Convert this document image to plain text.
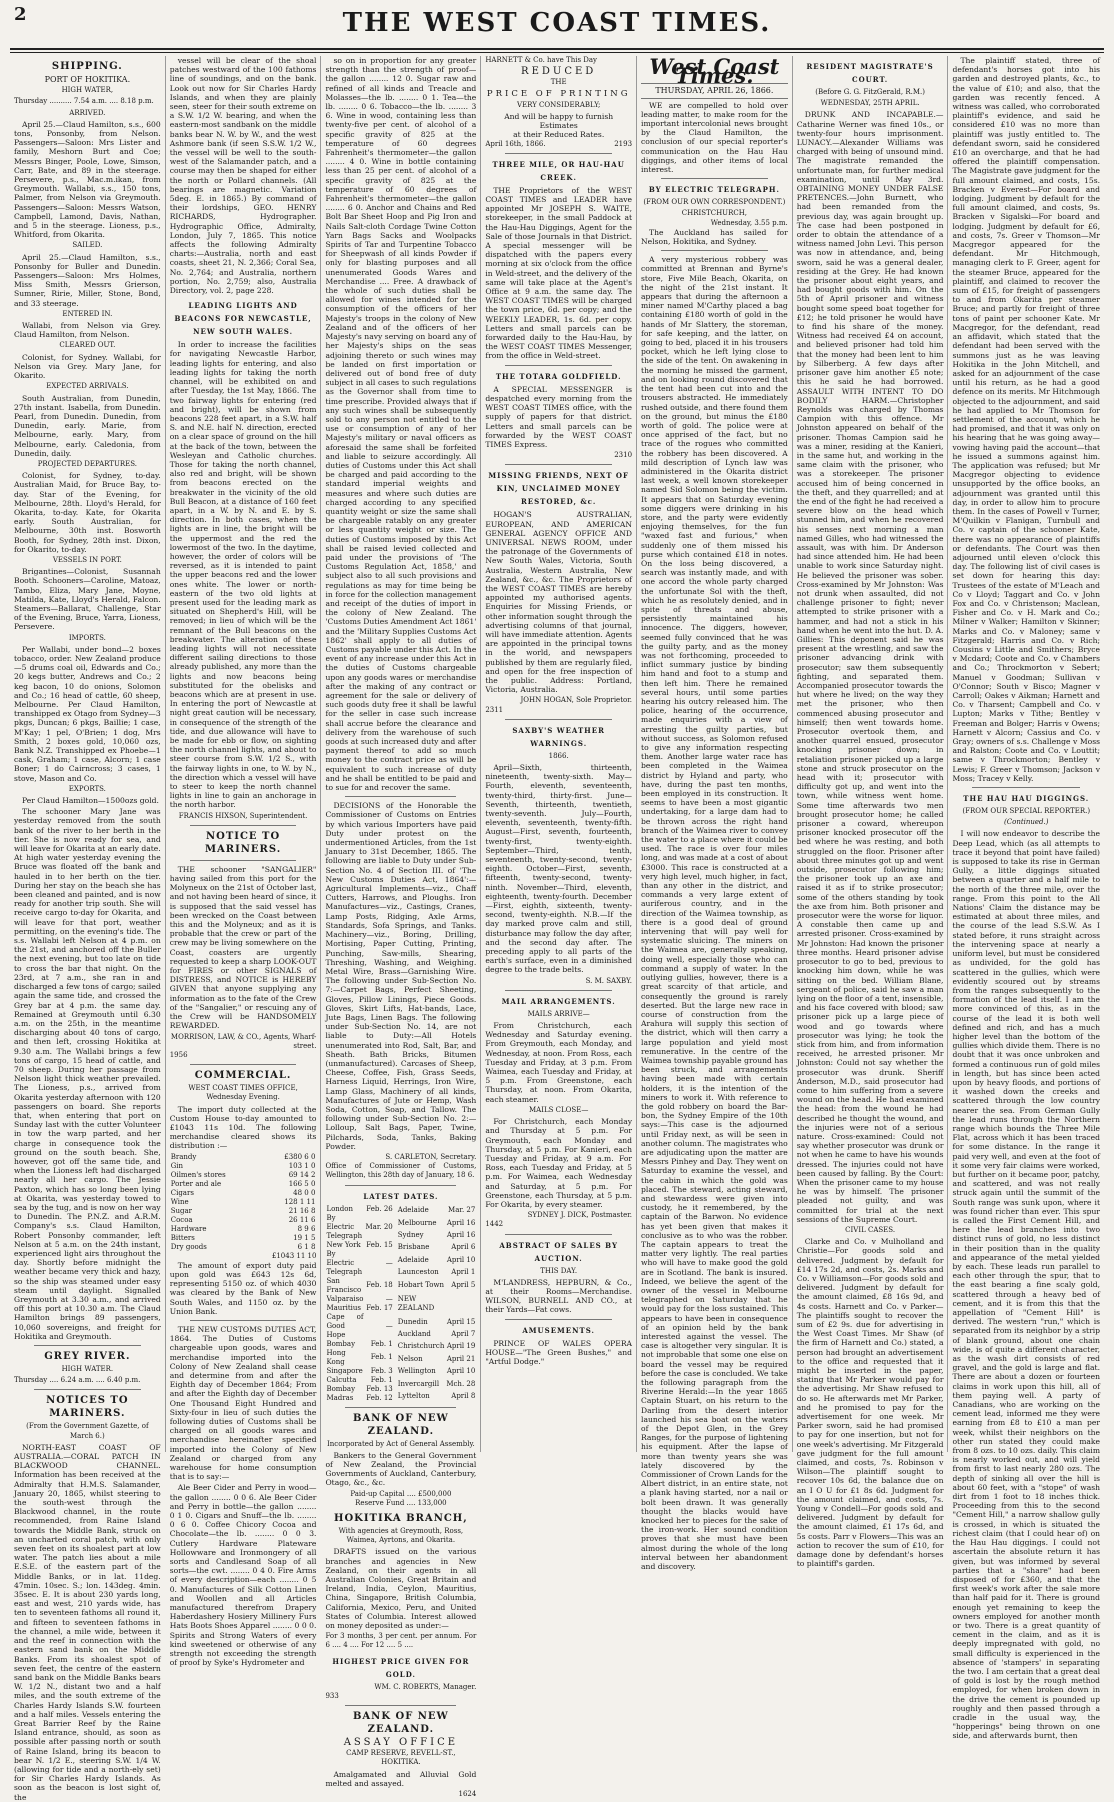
2	THE WEST COAST TIMES.
SHIPPING.
PORT OF HOKITIKA.
HIGH WATER,
Thursday .......... 7.54 a.m. .... 8.18 p.m.
ARRIVED.

April 25.—Claud Hamilton, s.s., 600 tons, Ponsonby, from Nelson. Passengers—Saloon: Mrs Lister and family, Meshorn Burt and Coe; Messrs Binger, Poole, Lowe, Simson, Carr, Bate, and 89 in the steerage. Persevere, p.s., Mac.m.ikan, from Greymouth. Wallabi, s.s., 150 tons, Palmer, from Nelson via Greymouth. Passengers—Saloon: Messrs Watson, Campbell, Lamond, Davis, Nathan, and 5 in the steerage. Lioness, p.s., Whitford, from Okarita.

SAILED.

April 25.—Claud Hamilton, s.s., Ponsonby for Buller and Dunedin. Passengers—Saloon: Mrs Holmes, Miss Smith, Messrs Grierson, Sumner, Ririe, Miller, Stone, Bond, and 33 steerage.

ENTERED IN.

Wallabi, from Nelson via Grey. Claud Hamilton, from Nelson.

CLEARED OUT.

Colonist, for Sydney. Wallabi, for Nelson via Grey. Mary Jane, for Okarito.

EXPECTED ARRIVALS.

South Australian, from Dunedin, 27th instant. Isabella, from Dunedin. Pearl, from Dunedin. Dunedin, from Dunedin, early. Marie, from Melbourne, early. Mary, from Melbourne, early. Caledonia, from Dunedin, daily.

PROJECTED DEPARTURES.

Colonist, for Sydney, to-day. Australian Maid, for Bruce Bay, to-day. Star of the Evening, for Melbourne, 28th. Lloyd's Herald, for Okarita, to-day. Kate, for Okarita early. South Australian, for Melbourne, 30th inst. Bosworth Booth, for Sydney, 28th inst. Dixon, for Okarito, to-day.

VESSELS IN PORT.

Brigantines—Colonist, Susannah Booth. Schooners—Caroline, Matoaz, Tambo, Eliza, Mary Jane, Moyne, Matilda, Kate, Lloyd's Herald, Falcon. Steamers—Ballarat, Challenge, Star of the Evening, Bruce, Yarra, Lioness, Persevere.

IMPORTS.

Per Wallabi, under bond—2 boxes tobacco, order. New Zealand produce—5 drums coal oil, Edwards and Co.; 20 kegs butter, Andrews and Co.; 2 keg bacon, 10 do onions, Solomon and Co.; 16 head of cattle, 60 sheep, Melbourne. Per Claud Hamilton, transhipped ex Otago from Sydney—3 pkgs, Duncan; 6 pkgs, Baillie; 1 case, M'Kay; 1 pel, O'Brien; 1 dog, Mrs Smith, 2 boxes gold, 10,060 ozs, Bank N.Z. Transhipped ex Phoebe—1 cask, Graham; 1 case, Alcorn; 1 case Boner; 1 do Cairncross; 3 cases, 1 stove, Mason and Co.

EXPORTS.

Per Claud Hamilton—1500ozs gold.

The schooner Mary Jane was yesterday removed from the south bank of the river to her berth in the tier. She is now ready for sea, and will leave for Okarita at an early date. At high water yesterday evening the Bruce was floated off the bank and hauled in to her berth on the tier. During her stay on the beach she has been cleaned and painted, and is now ready for another trip south. She will receive cargo to-day for Okarita, and will leave for that port, weather permitting, on the evening's tide. The s.s. Wallabi left Nelson at 4 p.m. on the 21st, and anchored off the Buller the next evening, but too late on tide to cross the bar that night. On the 23rd, at 7 a.m., she ran in and discharged a few tons of cargo; sailed again the same tide, and crossed the Grey bar at 4 p.m. the same day. Remained at Greymouth until 6.30 a.m. on the 25th, in the meantime discharging about 40 tons of cargo, and then left, crossing Hokitika at 9.30 a.m. The Wallabi brings a few tons of cargo, 15 head of cattle, and 70 sheep. During her passage from Nelson light thick weather prevailed. The Lioness, p.s., arrived from Okarita yesterday afternoon with 120 passengers on board. She reports that, when entering that port on Sunday last with the cutter Volunteer in tow the warp parted, and her charge in consequence took the ground on the south beach. She, however, got off the same tide, and when the Lioness left had discharged nearly all her cargo. The Jessie Paxton, which has so long been lying at Okarita, was yesterday towed to sea by the tug, and is now on her way to Dunedin. The P.N.Z. and A.R.M. Company's s.s. Claud Hamilton, Robert Ponsonby commander, left Nelson at 5 a.m. on the 24th instant, experienced light airs throughout the day. Shortly before midnight the weather became very thick and hazy, so the ship was steamed under easy steam until daylight. Signalled Greymouth at 3.30 a.m., and arrived off this port at 10.30 a.m. The Claud Hamilton brings 89 passengers, 10,060 sovereigns, and freight for Hokitika and Greymouth.

GREY RIVER.
HIGH WATER.
Thursday .... 6.24 a.m. .... 6.40 p.m.
NOTICES TO MARINERS.
(From the Government Gazette, of March 6.)

NORTH-EAST COAST OF AUSTRALIA.—CORAL PATCH IN BLACKWOOD CHANNEL. Information has been received at the Admiralty that H.M.S. Salamander, January 20, 1865, whilst steering to the south-west through the Blackwood channel, in the route recommended, from Raine Island towards the Middle Bank, struck on an uncharted coral patch, with only seven feet on its shoalest part at low water. The patch lies about a mile E.S.E. of the eastern part of the Middle Banks, or in lat. 11deg. 47min. 10sec. S.; lon. 143deg. 4min. 35sec. E. It is about 230 yards long, east and west, 210 yards wide, has ten to seventeen fathoms all round it, and fifteen to seventeen fathoms in the channel, a mile wide, between it and the reef in connection with the eastern sand bank on the Middle Banks. From its shoalest spot of seven feet, the centre of the eastern sand bank on the Middle Banks bears W. 1/2 N., distant two and a half miles, and the south extreme of the Charles Hardy Islands S.W. fourteen and a half miles. Vessels entering the Great Barrier Reef by the Raine Island entrance, should, as soon as possible after passing north or south of Raine Island, bring its beacon to bear N. 1/2 E., steering S.W. 1/4 W. (allowing for tide and a north-ely set) for Sir Charles Hardy Islands. As soon as the beacon is lost sight of, the

vessel will be clear of the shoal patches westward of the 100 fathoms line of soundings, and on the bank. Look out now for Sir Charles Hardy Islands, and when they are plainly seen, steer for their south extreme on a S.W. 1/2 W. bearing, and when the eastern-most sandbank on the middle banks bear N. W. by W., and the west Ashmore bank (if seen S.S.W. 1/2 W., the vessel will be well to the south-west of the Salamander patch, and a course may then be shaped for either the north or Pollard channels. (All bearings are magnetic. Variation 5deg. E. in 1865.) By command of their lordships, GEO. HENRY RICHARDS, Hydrographer. Hydrographic Office, Admiralty, London, July 7, 1865. This notice affects the following Admiralty charts:—Australia, north and east coasts, sheet 21, N. 2,366; Coral Sea, No. 2,764; and Australia, northern portion, No. 2,759; also, Australia Directory, vol. 2, page 228.

LEADING LIGHTS AND BEACONS FOR NEWCASTLE, NEW SOUTH WALES.

In order to increase the facilities for navigating Newcastle Harbor, leading lights for entering, and also leading lights for taking the north channel, will be exhibited on and after Tuesday, the 1st May, 1866. The two fairway lights for entering (red and bright), will be shown from beacons 228 feet apart, in a S.W. half S. and N.E. half N. direction, erected on a clear space of ground on the hill at the back of the town, between the Wesleyan and Catholic churches. Those for taking the north channel, also red and bright, will be shown from beacons erected on the breakwater in the vicinity of the old Bull Beacon, at a distance of 160 feet apart, in a W. by N. and E. by S. direction. In both cases, when the lights are in line, the bright will be the uppermost and the red the lowermost of the two. In the daytime, however, the order of colors will be reversed, as it is intended to paint the upper beacons red and the lower ones white. The lower or north-eastern of the two old lights at present used for the leading mark as situated on Shepherd's Hill, will be removed; in lieu of which will be the remnant of the Bull beacons on the breakwater. The alteration of these leading lights will not necessitate different sailing directions to those already published, any more than the lights and now beacons being substituted for the obelisks and beacons which are at present in use. In entering the port of Newcastle at night great caution will be necessary, in consequence of the strength of the tide, and due allowance will have to be made for ebb or flow, on sighting the north channel lights, and about to steer course from S.W. 1/2 S., with the fairway lights in one, to W. by N., the direction which a vessel will have to steer to keep the north channel lights in line to gain an anchorage in the north harbor.

FRANCIS HIXSON, Superintendent.
NOTICE TO MARINERS.

THE schooner "SANGALIER" having sailed from this port for the Molyneux on the 21st of October last, and not having been heard of since, it is supposed that the said vessel has been wrecked on the Coast between this and the Molyneux; and as it is probable that the crew or part of the crew may be living somewhere on the Coast, coasters are urgently requested to keep a sharp LOOK-OUT for FIRES or other SIGNALS of DISTRESS, and NOTICE is HEREBY GIVEN that anyone supplying any information as to the fate of the Crew of the "Sangalier," or rescuing any of the Crew will be HANDSOMELY REWARDED.

MORRISON, LAW, & CO., Agents, Wharf-street.
1956
COMMERCIAL.
WEST COAST TIMES OFFICE, Wednesday Evening.

The import duty collected at the Custom House to-day amounted to £1043 11s 10d. The following merchandise cleared shows its distribution :—

Brandy	£380 6 0
Gin	103 1 0
Oilmen's stores	69 14 2
Porter and ale	166 5 0
Cigars	48 0 0
Wine	128 1 11
Sugar	21 16 8
Cocoa	26 11 6
Hardware	8 9 6
Bitters	19 1 5
Dry goods	6 1 8
£1043 11 10

The amount of export duty paid upon gold was £643 12s 6d, representing 5150 oz. of which 4030 was cleared by the Bank of New South Wales, and 1150 oz. by the Union Bank.

THE NEW CUSTOMS DUTIES ACT, 1864. The Duties of Customs chargeable upon goods, wares and merchandise imported into the Colony of New Zealand shall cease and determine from and after the Eighth day of December 1864; From and after the Eighth day of December One Thousand Eight Hundred and Sixty-four in lieu of such duties the following duties of Customs shall be charged on all goods wares and merchandise hereinafter specified imported into the Colony of New Zealand or charged from any warehouse for home consumption that is to say:—

Ale Beer Cider and Perry in wood—the gallon ........ 0 0 6. Ale Beer Cider and Perry in bottle—the gallon ........ 0 1 0. Cigars and Snuff—the lb. ........ 0 6 0. Coffee Chicory Cocoa and Chocolate—the lb. ........ 0 0 3. Cutlery Hardware Plateware Hollowware and Ironmongery of all sorts and Candlesand Soap of all sorts—the cwt. ........ 0 4 0. Fire Arms of every description—each ........ 0 5 0. Manufactures of Silk Cotton Linen and Woollen and all Articles manufactured therefrom Drapery Haberdashery Hosiery Millinery Furs Hats Boots Shoes Apparel ........ 0 0 0. Spirits and Strong Waters of every kind sweetened or otherwise of any strength not exceeding the strength of proof by Syke's Hydrometer and

so on in proportion for any greater strength than the strength of proof—the gallon ........ 12 0. Sugar raw and refined of all kinds and Treacle and Molasses—the lb. ........ 0 1. Tea—the lb. ........ 0 6. Tobacco—the lb. ........ 3 6. Wine in wood, containing less than twenty-five per cent. of alcohol of a specific gravity of 825 at the temperature of 60 degrees Fahrenheit's thermometer—the gallon ........ 4 0. Wine in bottle containing less than 25 per cent. of alcohol of a specific gravity of 825 at the temperature of 60 degrees of Fahrenheit's thermometer—the gallon ........ 6 0. Anchor and Chains and Red Bolt Bar Sheet Hoop and Pig Iron and Nails Salt-cloth Cordage Twine Cotton Yarn Bags Sacks and Woolpacks Spirits of Tar and Turpentine Tobacco for Sheepwash of all kinds Powder if only for blasting purposes and all unenumerated Goods Wares and Merchandise .... Free. A drawback of the whole of such duties shall be allowed for wines intended for the consumption of the officers of her Majesty's troops in the colony of New Zealand and of the officers of her Majesty's navy serving on board any of her Majesty's ships on the seas adjoining thereto or such wines may be landed on first importation or delivered out of bond free of duty subject in all cases to such regulations as the Governor shall from time to time prescribe. Provided always that if any such wines shall be subsequently sold to any person not entitled to the use or consumption of any of her Majesty's military or naval officers as aforesaid the same shall be forfeited and liable to seizure accordingly. All duties of Customs under this Act shall be charged and paid according to the standard imperial weights and measures and where such duties are charged according to any specified quantity weight or size the same shall be chargeable ratably on any greater or less quantity weight or size. The duties of Customs imposed by this Act shall be raised levied collected and paid under the provisions of 'The Customs Regulation Act, 1858,' and subject also to all such provisions and regulations as may for time being be in force for the collection management and receipt of the duties of import in the colony of New Zealand. The 'Customs Duties Amendment Act 1861' and the 'Military Supplies Customs Act 1862' shall apply to all duties of Customs payable under this Act. In the event of any increase under this Act in the duties of Customs chargeable upon any goods wares or merchandise after the making of any contract or agreement for the sale or delivery of such goods duty free it shall be lawful for the seller in case such increase shall accrue before the clearance and delivery from the warehouse of such goods at such increased duty and after payment thereof to add so much money to the contract price as will be equivalent to such increase of duty and he shall be entitled to be paid and to sue for and recover the same.

DECISIONS of the Honorable the Commissioner of Customs on Entries by which various Importers have paid Duty under protest on the undermentioned Articles, from the 1st January to 31st December, 1865. The following are liable to Duty under Sub-Section No. 4 of Section III. of 'The New Customs Duties Act, 1864':—Agricultural Implements—viz., Chaff Cutters, Harrows, and Ploughs. Iron Manufactures—viz., Castings, Cranes, Lamp Posts, Ridging, Axle Arms, Standards, Sofa Springs, and Tanks. Machinery—viz., Boring, Drilling, Mortising, Paper Cutting, Printing, Punching, Saw-mills, Shearing, Threshing, Washing, and Weighing. Metal Wire, Brass—Garnishing Wire. The following under Sub-Section No. 7:—Carpet Bags, Perfect Sheeting, Gloves, Pillow Linings, Piece Goods. Gloves, Skirt Lifts, Hat-bands, Lace, Jute Bags, Linen Bags. The following under Sub-Section No. 14, are not liable to Duty:—All Hotels unenumerated into Rod, Salt, Bar, and Sheath. Bath Bricks, Bitumen (unmanufactured). Carcases of Sheep, Cheese, Coffee, Fish, Grass Seeds, Harness Liquid, Herrings, Iron Wire, Lamp Glass, Machinery of all kinds, Manufactures of Jute or Hemp, Wash Soda, Cotton, Soap, and Tallow. The following under Sub-Section No. 2:—Lolloup, Salt Bags, Paper, Twine, Pilchards, Soda, Tanks, Baking Powder.

S. CARLETON, Secretary.
Office of Commissioner of Customs, Wellington, this 28th day of January, 18 6.
LATEST DATES.
London	Feb. 26
By Electric Telegraph	Mar. 20
New York	Feb. 15
By Electric Telegraph	—
San Francisco	Feb. 18
Valparaiso	—
Mauritius	Feb. 17
Cape of Good Hope	—
Bombay	Feb. 1
Hong Kong	Feb. 1
Singapore	Feb. 3
Calcutta	Feb. 1
Bombay	Feb. 13
Madras	Feb. 12
Adelaide	Mar. 27
Melbourne	April 16
Sydney	April 16
Brisbane	April 6
Adelaide	April 10
Launceston	April 1
Hobart Town	April 5
NEW ZEALAND	
Dunedin	April 15
Auckland	April 7
Christchurch	April 19
Nelson	April 21
Wellington	April 10
Invercargill	Mch. 28
Lyttelton	April 8
BANK OF NEW ZEALAND.
Incorporated by Act of General Assembly.

Bankers to the General Government of New Zealand, the Provincial Governments of Auckland, Canterbury, Otago, &c., &c.

Paid-up Capital .... £500,000
Reserve Fund .... 133,000
HOKITIKA BRANCH,
With agencies at Greymouth, Ross, Waimea, Ayrtons, and Okarita.

DRAFTS issued on the various branches and agencies in New Zealand, on their agents in all Australian Colonies, Great Britain and Ireland, India, Ceylon, Mauritius, China, Singapore, British Columbia, California, Mexico, Peru, and United States of Columbia. Interest allowed on money deposited as under:—

For 3 months, 3 per cent. per annum. For 6 .... 4 .... For 12 .... 5 ....
HIGHEST PRICE GIVEN FOR GOLD.
WM. C. ROBERTS, Manager.
933
BANK OF NEW ZEALAND.
ASSAY OFFICE
CAMP RESERVE, REVELL-ST., HOKITIKA.

Amalgamated and Alluvial Gold melted and assayed.

1624
HARNETT & Co. have This Day
REDUCED
THE
PRICE OF PRINTING
VERY CONSIDERABLY;
And will be happy to furnish Estimates
at their Reduced Rates.
April 16th, 1866.	2193
THREE MILE, OR HAU-HAU CREEK.

THE Proprietors of the WEST COAST TIMES and LEADER have appointed Mr JOSEPH S. WAITE, storekeeper, in the small Paddock at the Hau-Hau Diggings, Agent for the Sale of those Journals in that District. A special messenger will be dispatched with the papers every morning at six o'clock from the office in Weld-street, and the delivery of the same will take place at the Agent's Office at 9 a.m. the same day. The WEST COAST TIMES will be charged the town price, 6d. per copy; and the WEEKLY LEADER, 1s. 6d. per copy. Letters and small parcels can be forwarded daily to the Hau-Hau, by the WEST COAST TIMES Messenger, from the office in Weld-street.

THE TOTARA GOLDFIELD.

A SPECIAL MESSENGER is despatched every morning from the WEST COAST TIMES office, with the supply of papers for that district. Letters and small parcels can be forwarded by the WEST COAST TIMES Express.

2310
MISSING FRIENDS, NEXT OF KIN, UNCLAIMED MONEY RESTORED, &c.

HOGAN'S AUSTRALIAN, EUROPEAN, AND AMERICAN GENERAL AGENCY OFFICE AND UNIVERSAL NEWS ROOM, under the patronage of the Governments of New South Wales, Victoria, South Australia, Western Australia, New Zealand, &c., &c. The Proprietors of the WEST COAST TIMES are hereby appointed my authorised agents. Enquiries for Missing Friends, or other information sought through the advertising columns of that journal, will have immediate attention. Agents are appointed in the principal towns in the world, and newspapers published by them are regularly filed, and open for the free inspection of the public. Address: Portland, Victoria, Australia.

JOHN HOGAN, Sole Proprietor.
2311
SAXBY'S WEATHER WARNINGS.
1866.

April—Sixth, thirteenth, nineteenth, twenty-sixth. May—Fourth, eleventh, seventeenth, twenty-third, thirty-first. June—Seventh, thirteenth, twentieth, twenty-seventh. July—Fourth, eleventh, seventeenth, twenty-fifth. August—First, seventh, fourteenth, twenty-first, twenty-eighth. September—Third, tenth, seventeenth, twenty-second, twenty-eighth. October—First, seventh, fifteenth, twenty-second, twenty-ninth. November—Third, eleventh, eighteenth, twenty-fourth. December—First, eighth, sixteenth, twenty-second, twenty-eighth. N.B.—If the day marked prove calm and still, disturbance may follow the day after, and the second day after. The preceding apply to all parts of the earth's surface, even in a diminished degree to the trade belts.

S. M. SAXBY.
MAIL ARRANGEMENTS.
MAILS ARRIVE—

From Christchurch, each Wednesday and Saturday evening. From Greymouth, each Monday, and Wednesday, at noon. From Ross, each Tuesday and Friday, at 3 p.m. From Waimea, each Tuesday and Friday, at 5 p.m. From Greenstone, each Thursday, at noon. From Okarita, each steamer.

MAILS CLOSE—

For Christchurch, each Monday and Thursday at 5 p.m. For Greymouth, each Monday and Thursday, at 5 p.m. For Kanieri, each Tuesday and Friday, at 9 a.m. For Ross, each Tuesday and Friday, at 5 p.m. For Waimea, each Wednesday and Saturday, at 5 p.m. For Greenstone, each Thursday, at 5 p.m. For Okarita, by every steamer.

SYDNEY J. DICK, Postmaster.
1442
ABSTRACT OF SALES BY AUCTION.
THIS DAY.

M'LANDRESS, HEPBURN, & Co., at their Rooms—Merchandise. WILSON, BURNELL AND CO., at their Yards—Fat cows.

AMUSEMENTS.

PRINCE OF WALES OPERA HOUSE—"The Green Bushes," and "Artful Dodge."

West Coast Times.
THURSDAY, APRIL 26, 1866.

WE are compelled to hold over leading matter, to make room for the important intercolonial news brought by the Claud Hamilton, the conclusion of our special reporter's communication on the Hau Hau diggings, and other items of local interest.

BY ELECTRIC TELEGRAPH.
(FROM OUR OWN CORRESPONDENT.)
CHRISTCHURCH,
Wednesday, 3.55 p.m.

The Auckland has sailed for Nelson, Hokitika, and Sydney.

A very mysterious robbery was committed at Brennan and Byrne's store, Five Mile Beach, Okarita, on the night of the 21st instant. It appears that during the afternoon a miner named M'Carthy placed a bag containing £180 worth of gold in the hands of Mr Slattery, the storeman, for safe keeping, and the latter, on going to bed, placed it in his trousers pocket, which he left lying close to the side of the tent. On awakening in the morning he missed the garment, and on looking round discovered that the tent had been cut into and the trousers abstracted. He immediately rushed outside, and there found them on the ground, but minus the £180 worth of gold. The police were at once apprised of the fact, but no trace of the rogues who committed the robbery has been discovered. A mild description of Lynch law was administered in the Okarita district last week, a well known storekeeper named Sid Solomon being the victim. It appears that on Saturday evening some diggers were drinking in his store, and the party were evidently enjoying themselves, for the fun "waxed fast and furious," when suddenly one of them missed his purse which contained £18 in notes. On the loss being discovered, a search was instantly made, and with one accord the whole party charged the unfortunate Sol with the theft, which he as resolutely denied, and in spite of threats and abuse, persistently maintained his innocence. The diggers, however, seemed fully convinced that he was the guilty party, and as the money was not forthcoming, proceeded to inflict summary justice by binding him hand and foot to a stump and then left him. There he remained several hours, until some parties hearing his outcry released him. The police, hearing of the occurrence, made enquiries with a view of arresting the guilty parties, but without success, as Solomon refused to give any information respecting them. Another large water race has been completed in the Waimea district by Hyland and party, who have, during the past ten months, been employed in its construction. It seems to have been a most gigantic undertaking, for a large dam had to be thrown across the right hand branch of the Waimea river to convey the water to a place where it could be used. The race is over four miles long, and was made at a cost of about £3000. This race is constructed at a very high level, much higher, in fact, than any other in the district, and commands a very large extent of auriferous country, and in the direction of the Waimea township, as there is a good deal of ground intervening that will pay well for systematic sluicing. The miners on the Waimea are, generally speaking, doing well, especially those who can command a supply of water. In the outlying gullies, however, there is a great scarcity of that article, and consequently the ground is rarely deserted. But the large new race in course of construction from the Arahura will supply this section of the district, which will then carry a large population and yield most remunerative. In the centre of the Waimea township payable ground has been struck, and arrangements having been made with certain holders, it is the intention of the miners to work it. With reference to the gold robbery on board the Bar-bon, the Sydney Empire of the 10th says:—This case is the adjourned until Friday next, as will be seen in another column. The magistrates who are adjudicating upon the matter are Messrs Pinhey and Day. They went on Saturday to examine the vessel, and the cabin in which the gold was placed. The steward, acting steward, and stewardess were given into custody, he it remembered, by the captain of the Barwon. No evidence has yet been given that makes it conclusive as to who was the robber. The captain appears to treat the matter very lightly. The real parties who will have to make good the gold are in Scotland. The bank is insured. Indeed, we believe the agent of the owner of the vessel in Melbourne telegraphed on Saturday that he would pay for the loss sustained. This appears to have been in consequence of an opinion held by the bank interested against the vessel. The case is altogether very singular. It is not improbable that some one else on board the vessel may be required before the case is concluded. We take the following paragraph from the Riverine Herald:—In the year 1865 Captain Stuart, on his return to the Darling from the desert interior launched his sea boat on the waters of the Depot Glen, in the Grey Ranges, for the purpose of lightening his equipment. After the lapse of more than twenty years she was lately discovered by the Commissioner of Crown Lands for the Albert district, in an entire state, not a plank having started, nor a nail or bolt been drawn. It was generally thought the blacks would have knocked her to pieces for the sake of the iron-work. Her sound condition proves that she must have been almost during the whole of the long interval between her abandonment and discovery.

RESIDENT MAGISTRATE'S COURT.
(Before G. G. FitzGerald, R.M.)
WEDNESDAY, 25TH APRIL.

DRUNK AND INCAPABLE.—Catharine Werner was fined 10s., or twenty-four hours imprisonment. LUNACY.—Alexander Williams was charged with being of unsound mind. The magistrate remanded the unfortunate man, for further medical examination, until May 3rd. OBTAINING MONEY UNDER FALSE PRETENCES.—John Burnett, who had been remanded from the previous day, was again brought up. The case had been postponed in order to obtain the attendance of a witness named John Levi. This person was now in attendance, and, being sworn, said he was a general dealer, residing at the Grey. He had known the prisoner about eight years, and had bought goods with him. On the 5th of April prisoner and witness bought some speed boat together for £12; he told prisoner he would have to find his share of the money. Witness had received £4 on account, and believed prisoner had told him that the money had been lent to him by Silberberg. A few days after prisoner gave him another £5 note; this he said he had borrowed. ASSAULT WITH INTENT TO DO BODILY HARM.—Christopher Reynolds was charged by Thomas Campion with this offence. Mr Johnston appeared on behalf of the prisoner. Thomas Campion said he was a miner, residing at the Kanieri, in the same hut, and working in the same claim with the prisoner, who was a storekeeper. The prisoner accused him of being concerned in the theft, and they quarrelled; and at the end of the fight he had received a severe blow on the head which stunned him, and when he recovered his senses next morning a man named Gilles, who had witnessed the assault, was with him. Dr Anderson had since attended him. He had been unable to work since Saturday night. He believed the prisoner was sober. Cross-examined by Mr Johnston: Was not drunk when assaulted, did not challenge prisoner to fight; never attempted to strike prisoner with a hammer, and had not a stick in his hand when he went into the hut. D. A. Gillies: This deponent said he was present at the wrestling, and saw the prisoner advancing drink with prosecutor; saw them subsequently fighting, and separated them. Accompanied prosecutor towards the hut where he lived; on the way they met the prisoner, who then commenced abusing prosecutor and himself; then went towards home. Prosecutor overtook them, and another quarrel ensued, prosecutor knocking prisoner down; in retaliation prisoner picked up a large stone and struck prosecutor on the head with it; prosecutor with difficulty got up, and went into the town, while witness went home. Some time afterwards two men brought prosecutor home; he called prisoner a coward, whereupon prisoner knocked prosecutor off the bed where he was resting, and both struggled on the floor. Prisoner after about three minutes got up and went outside, prosecutor following him; the prisoner took up an axe and raised it as if to strike prosecutor; some of the others standing by took the axe from him. Both prisoner and prosecutor were the worse for liquor. A constable then came up and arrested prisoner. Cross-examined by Mr Johnston: Had known the prisoner three months. Heard prisoner advise prosecutor to go to bed, previous to knocking him down, while he was sitting on the bed. William Blane, sergeant of police, said he saw a man lying on the floor of a tent, insensible, and his face covered with blood; saw prisoner pick up a large piece of wood and go towards where prosecutor was lying; he took the stick from him, and from information received, he arrested prisoner. Mr Johnston: Could not say whether the prosecutor was drunk. Sheriff Anderson, M.D., said prosecutor had come to him suffering from a severe wound on the head. He had examined the head: from the wound he had described he thought the wound, and the injuries were not of a serious nature. Cross-examined: Could not say whether prosecutor was drunk or not when he came to have his wounds dressed. The injuries could not have been caused by falling. By the Court: When the prisoner came to my house he was by himself. The prisoner pleaded not guilty, and was committed for trial at the next sessions of the Supreme Court.

CIVIL CASES.

Clarke and Co. v Mulholland and Christie—For goods sold and delivered. Judgment by default for £14 17s 2d, and costs, 2s. Marks and Co. v Williamson—For goods sold and delivered. Judgment by default for the amount claimed, £8 16s 9d, and 4s costs. Harnett and Co. v Parker—The plaintiffs sought to recover the sum of £2 9s. due for advertising in the West Coast Times. Mr Shaw (of the firm of Harnett and Co.) stated, a person had brought an advertisement to the office and requested that it might be inserted in the paper, stating that Mr Parker would pay for the advertising. Mr Shaw refused to do so. He afterwards met Mr Parker, and he promised to pay for the advertisement for one week. Mr Parker sworn, said he had promised to pay for one insertion, but not for one week's advertising. Mr Fitzgerald gave judgment for the full amount claimed, and costs, 7s. Robinson v Wilson—The plaintiff sought to recover 10s 6d, the balance due on an I O U for £1 8s 6d. Judgment for the amount claimed, and costs, 7s. Young v Condell—For goods sold and delivered. Judgment by default for the amount claimed, £1 17s 6d, and 5s costs. Parr v Flowers—This was an action to recover the sum of £10, for damage done by defendant's horses to plaintiff's garden.

The plaintiff stated, three of defendant's horses got into his garden and destroyed plants, &c., to the value of £10; and also, that the garden was recently fenced. A witness was called, who corroborated plaintiff's evidence, and said he considered £10 was no more than plaintiff was justly entitled to. The defendant sworn, said he considered £10 an overcharge, and that he had offered the plaintiff compensation. The Magistrate gave judgment for the full amount claimed, and costs, 15s. Bracken v Everest—For board and lodging. Judgment by default for the full amount claimed, and costs, 9s. Bracken v Sigalski—For board and lodging. Judgment by default for £6, and costs, 7s. Greer v Thomson—Mr Macgregor appeared for the defendant. Mr Hitchmough, managing clerk to F. Greer, agent for the steamer Bruce, appeared for the plaintiff, and claimed to recover the sum of £15, for freight of passengers to and from Okarita per steamer Bruce; and partly for freight of three tons of paint per schooner Kate. Mr Macgregor, for the defendant, read an affidavit, which stated that the defendant had been served with the summons just as he was leaving Hokitika in the John Mitchell, and asked for an adjournment of the case until his return, as he had a good defence on its merits. Mr Hitchmough objected to the adjournment, and said he had applied to Mr Thomson for settlement of the account, which he had promised, and that it was only on his hearing that he was going away—vowing having paid the account—that he issued a summons against him. The application was refused; but Mr Macgregor objecting to evidence unsupported by the office books, an adjournment was granted until this day, in order to allow him to procure them. In the cases of Powell v Turner, M'Quilkin v Flanigan, Turnbull and Co. v captain of the schooner Kate, there was no appearance of plaintiffs or defendants. The Court was then adjourned until eleven o'clock this day. The following list of civil cases is set down for hearing this day: Trustees of the estate of M'Leach and Co v Lloyd; Taggart and Co. v John Fox and Co. v Christenson; Maclean, Fisher and Co. v H. Mark and Co.; Milner v Walker; Hamilton v Skinner; Marks and Co. v Maloney; same v Fitzgerald; Harris and Co. v Rich; Cousins v Little and Smithers; Bryce v Mcdard; Coote and Co. v Chambers and Co.; Throckmorton v Sebert; Manuel v Goodman; Sullivan v O'Connor; South v Bisco; Magner v Carroll; Oakes v Aikman; Harnett and Co. v Tharsent; Campbell and Co. v Lupton; Marks v Tithe; Bentley v Freeman and Bolger; Harris v Owens; Harnett v Alcorn; Cassius and Co. v Gray; owners of s.s. Challenge v Moss and Ralston; Coote and Co. v Louttit; same v Throckmorton; Bentley v Lewis; F. Greer v Thomson; Jackson v Moss; Tracey v Kelly.

THE HAU HAU DIGGINGS.
(FROM OUR SPECIAL REPORTER.)
(Continued.)

I will now endeavor to describe the Deep Lead, which (as all attempts to trace it beyond that point have failed) is supposed to take its rise in German Gully, a little diggings situated between a quarter and a half mile to the north of the three mile, over the range. From this point to the All Nations' Claim the distance may be estimated at about three miles, and the course of the lead S.S.W. As I stated before, it runs straight across the intervening space at nearly a uniform level, but must be considered as undivided, for the gold has scattered in the gullies, which were evidently scoured out by streams from the ranges subsequently to the formation of the lead itself. I am the more convinced of this, as in the course of the lead it is both well defined and rich, and has a much higher level than the bottom of the gullies which divide them. There is no doubt that it was once unbroken and formed a continuous run of gold miles in length, but has since been acted upon by heavy floods, and portions of it washed down the creeks and scattered through the low country nearer the sea. From German Gully the lead runs through the Northern range which bounds the Three Mile Flat, across which it has been traced for some distance. In the range it paid very well, and even at the foot of it some very fair claims were worked, but further on it became poor, patchy, and scattered, and was not really struck again until the summit of the South range was sunk upon, where it was found richer than ever. This spur is called the First Cement Hill, and here the lead branches into two distinct runs of gold, no less distinct in their position than in the quality and appearance of the metal yielded by each. These leads run parallel to each other through the spur, that to the east bearing a fine scaly gold, scattered through a heavy bed of cement, and it is from this that the appellation of "Cement Hill" is derived. The western "run," which is separated from its neighbor by a strip of blank ground, about one chain wide, is of quite a different character, as the wash dirt consists of red gravel, and the gold is large and flat. There are about a dozen or fourteen claims in work upon this hill, all of them paying well. A party of Canadians, who are working on the cement lead, informed me they were earning from £8 to £10 a man per week, whilst their neighbors on the other run stated they could make from 8 ozs. to 10 ozs. daily. This claim is nearly worked out, and will yield from first to last nearly 280 ozs. The depth of sinking all over the hill is about 60 feet, with a "stope" of wash dirt from 1 foot to 18 inches thick. Proceeding from this to the second "Cement Hill," a narrow shallow gully is crossed, in which is situated the richest claim (that I could hear of) on the Hau Hau diggings. I could not ascertain the absolute return it has given, but was informed by several parties that a "share" had been disposed of for £360, and that the first week's work after the sale more than half paid for it. There is ground enough yet remaining to keep the owners employed for another month or two. There is a great quantity of cement in the claim, and as it is deeply impregnated with gold, no small difficulty is experienced in the absence of 'stampers' in separating the two. I am certain that a great deal of gold is lost by the rough method employed, for when broken down in the drive the cement is pounded up roughly and then passed through a cradle in the usual way, the "hopperings" being thrown on one side, and afterwards burnt, then
